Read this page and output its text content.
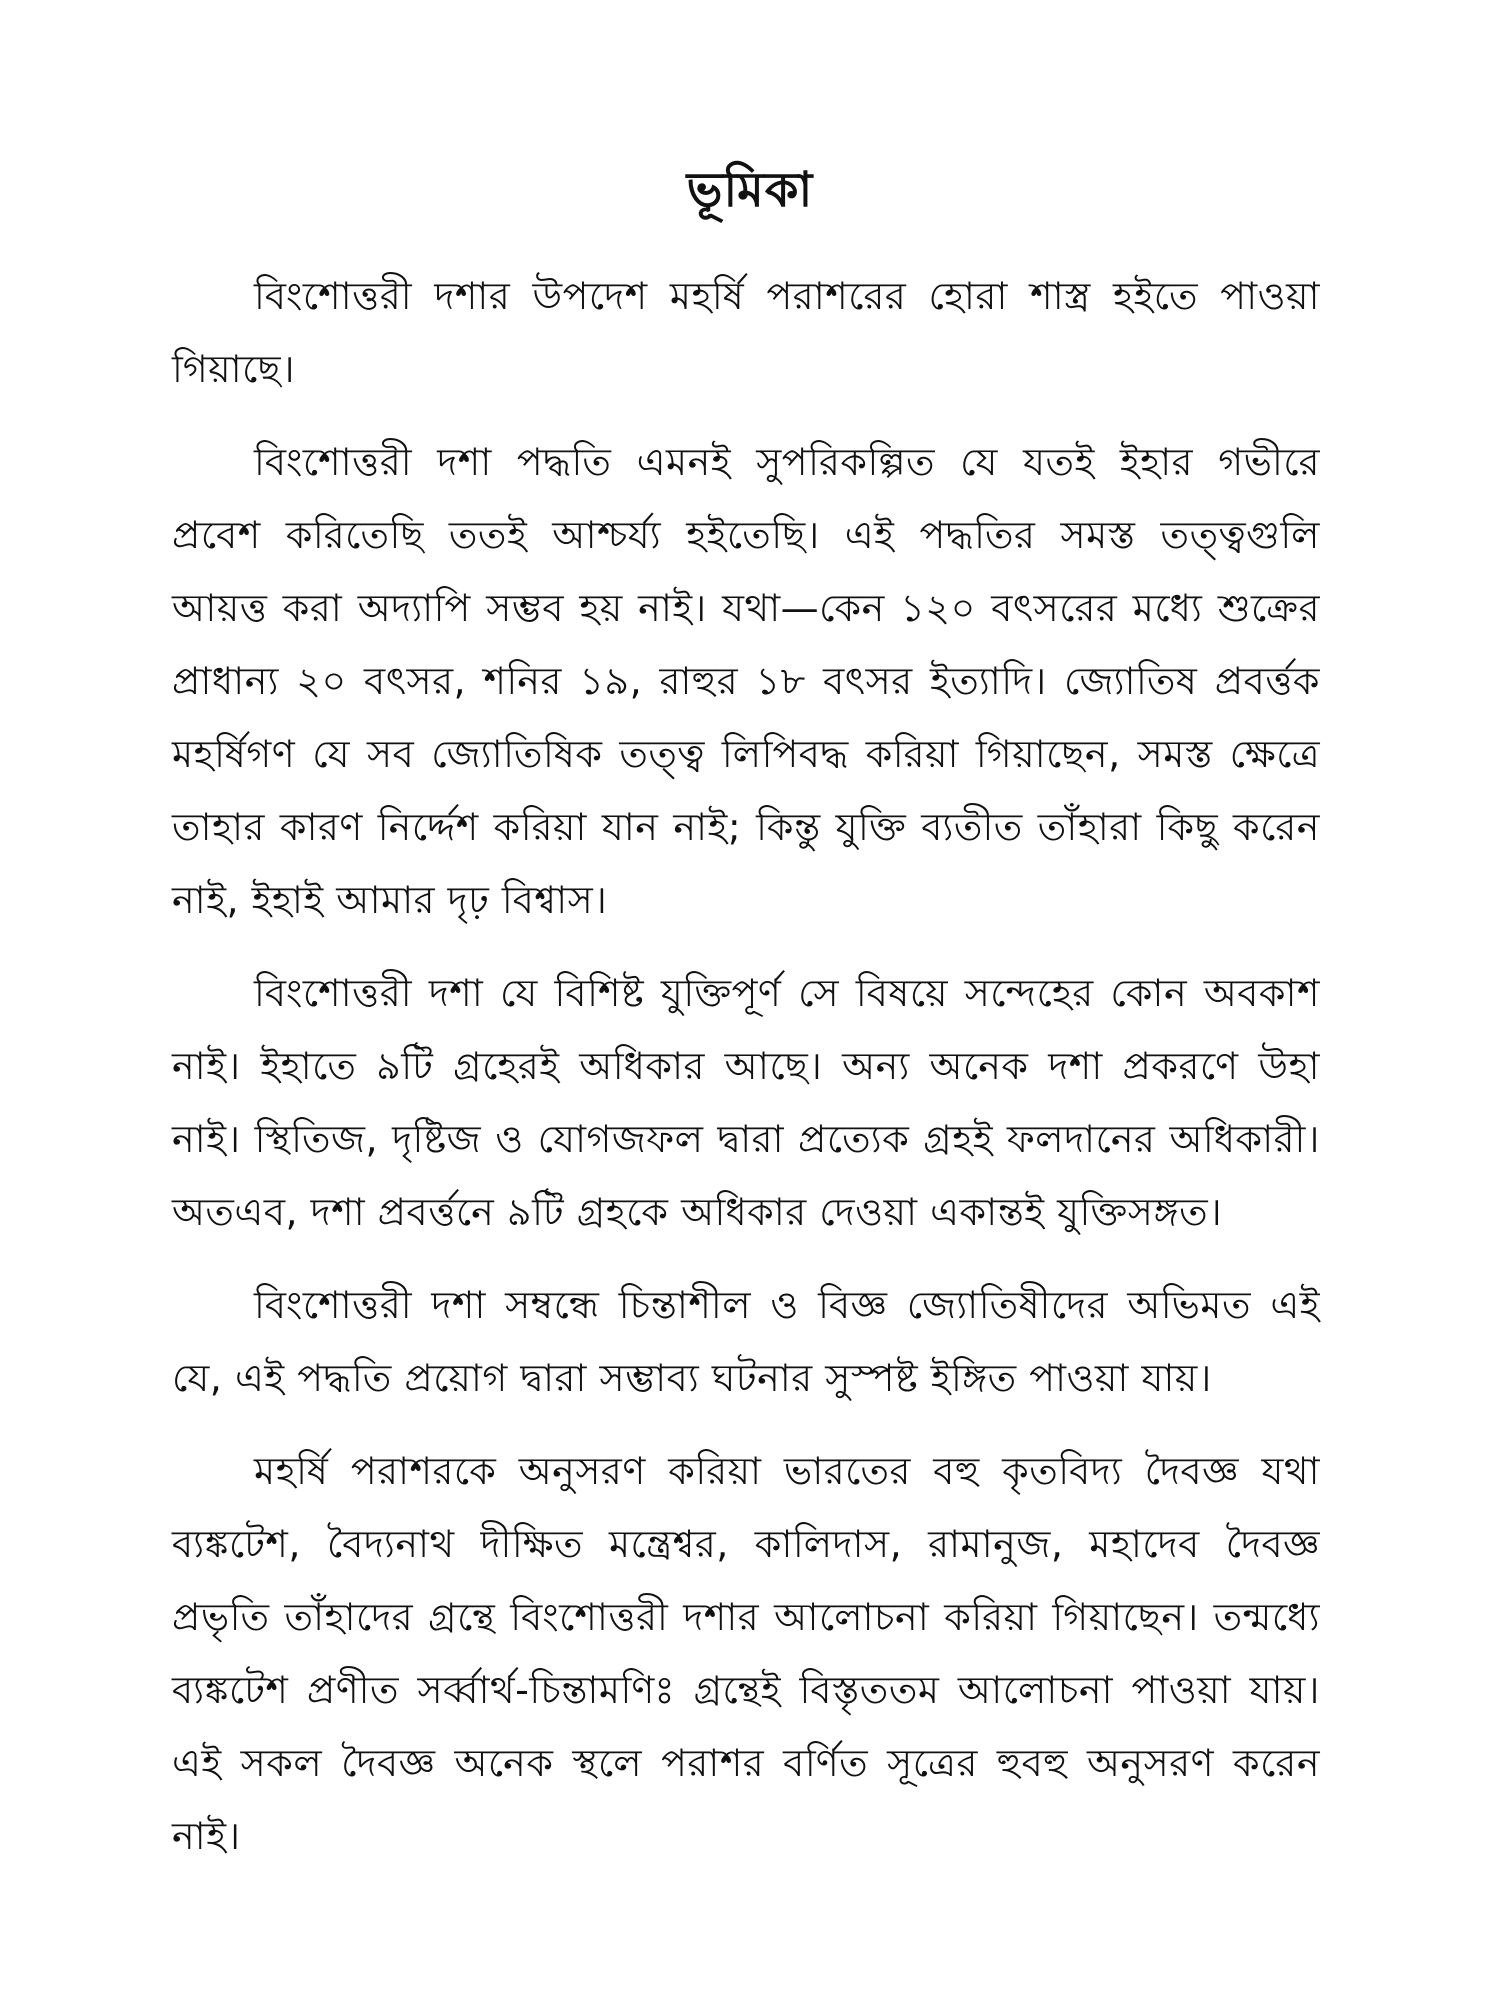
ভূমিকা

বিংশোত্তরী দশার উপদেশ মহর্ষি পরাশরের হোরা শাস্ত্র হইতে পাওয়া গিয়াছে।

বিংশোত্তরী দশা পদ্ধতি এমনই সুপরিকল্পিত যে যতই ইহার গভীরে প্রবেশ করিতেছি ততই আশ্চর্য্য হইতেছি। এই পদ্ধতির সমস্ত তত্ত্বগুলি আয়ত্ত করা অদ্যাপি সম্ভব হয় নাই। যথা—কেন ১২০ বৎসরের মধ্যে শুক্রের প্রাধান্য ২০ বৎসর, শনির ১৯, রাহুর ১৮ বৎসর ইত্যাদি। জ্যোতিষ প্রবর্ত্তক মহর্ষিগণ যে সব জ্যোতিষিক তত্ত্ব লিপিবদ্ধ করিয়া গিয়াছেন, সমস্ত ক্ষেত্রে তাহার কারণ নির্দ্দেশ করিয়া যান নাই; কিন্তু যুক্তি ব্যতীত তাঁহারা কিছু করেন নাই, ইহাই আমার দৃঢ় বিশ্বাস।

বিংশোত্তরী দশা যে বিশিষ্ট যুক্তিপূর্ণ সে বিষয়ে সন্দেহের কোন অবকাশ নাই। ইহাতে ৯টি গ্রহেরই অধিকার আছে। অন্য অনেক দশা প্রকরণে উহা নাই। স্থিতিজ, দৃষ্টিজ ও যোগজফল দ্বারা প্রত্যেক গ্রহই ফলদানের অধিকারী। অতএব, দশা প্রবর্ত্তনে ৯টি গ্রহকে অধিকার দেওয়া একান্তই যুক্তিসঙ্গত।

বিংশোত্তরী দশা সম্বন্ধে চিন্তাশীল ও বিজ্ঞ জ্যোতিষীদের অভিমত এই যে, এই পদ্ধতি প্রয়োগ দ্বারা সম্ভাব্য ঘটনার সুস্পষ্ট ইঙ্গিত পাওয়া যায়।

মহর্ষি পরাশরকে অনুসরণ করিয়া ভারতের বহু কৃতবিদ্য দৈবজ্ঞ যথা ব্যঙ্কটেশ, বৈদ্যনাথ দীক্ষিত মন্ত্রেশ্বর, কালিদাস, রামানুজ, মহাদেব দৈবজ্ঞ প্রভৃতি তাঁহাদের গ্রন্থে বিংশোত্তরী দশার আলোচনা করিয়া গিয়াছেন। তন্মধ্যে ব্যঙ্কটেশ প্রণীত সর্ব্বার্থ-চিন্তামণিঃ গ্রন্থেই বিস্তৃততম আলোচনা পাওয়া যায়। এই সকল দৈবজ্ঞ অনেক স্থলে পরাশর বর্ণিত সূত্রের হুবহু অনুসরণ করেন নাই।
